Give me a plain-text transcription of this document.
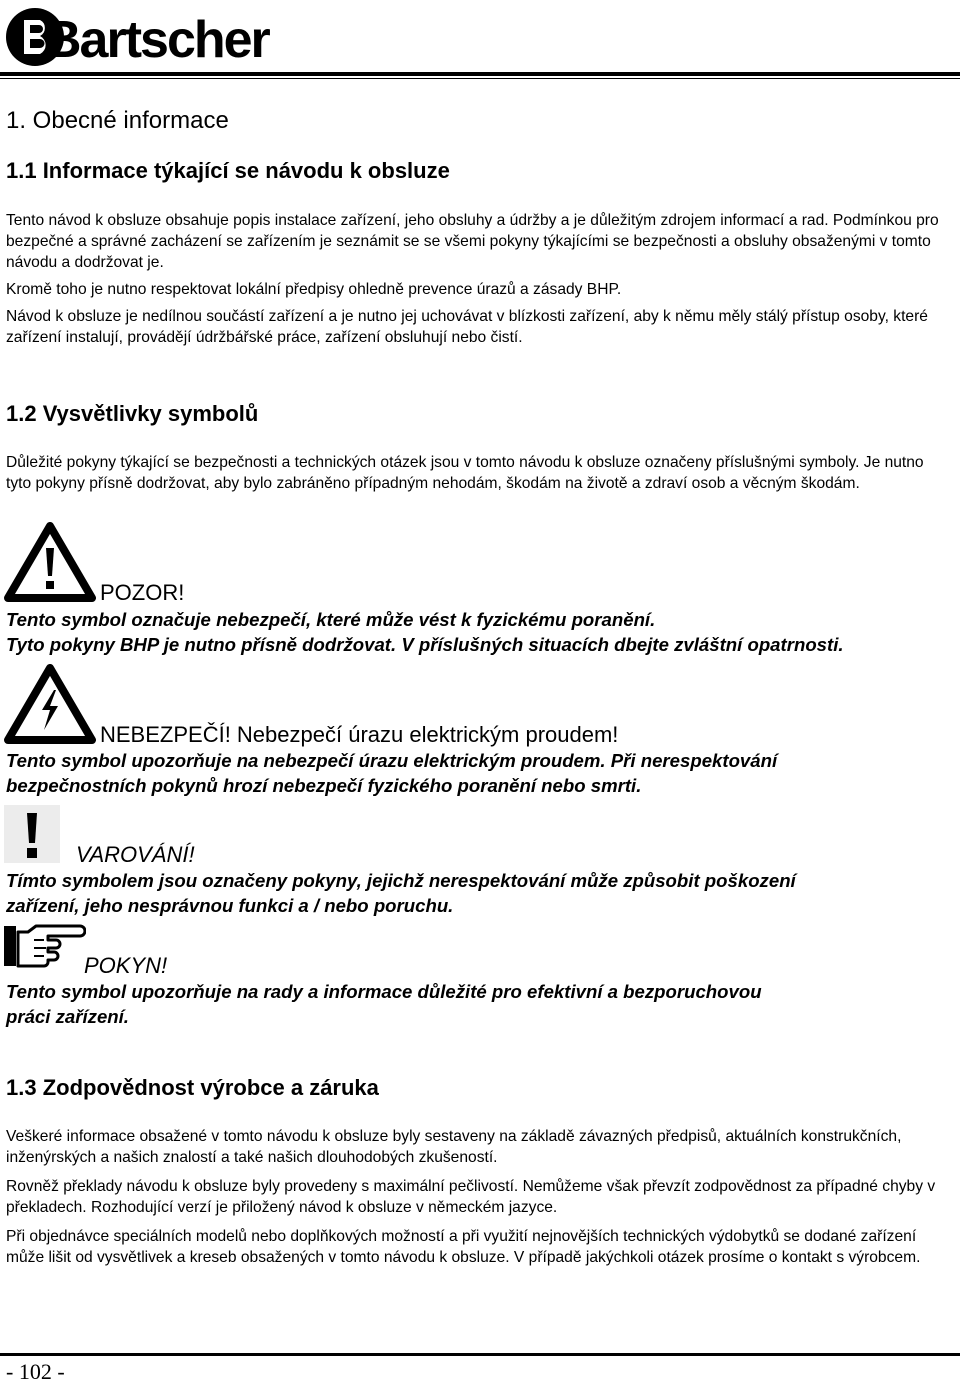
Bartscher
1. Obecné informace
1.1 Informace týkající se návodu k obsluze

Tento návod k obsluze obsahuje popis instalace zařízení, jeho obsluhy a údržby a je důležitým zdrojem informací a rad. Podmínkou pro bezpečné a správné zacházení se zařízením je seznámit se se všemi pokyny týkajícími se bezpečnosti a obsluhy obsaženými v tomto návodu a dodržovat je.

Kromě toho je nutno respektovat lokální předpisy ohledně prevence úrazů a zásady BHP.

Návod k obsluze je nedílnou součástí zařízení a je nutno jej uchovávat v blízkosti zařízení, aby k němu měly stálý přístup osoby, které zařízení instalují, provádějí údržbářské práce, zařízení obsluhují nebo čistí.

1.2 Vysvětlivky symbolů

Důležité pokyny týkající se bezpečnosti a technických otázek jsou v tomto návodu k obsluze označeny příslušnými symboly. Je nutno tyto pokyny přísně dodržovat, aby bylo zabráněno případným nehodám, škodám na životě a zdraví osob a věcným škodám.

POZOR!

Tento symbol označuje nebezpečí, které může vést k fyzickému poranění.

Tyto pokyny BHP je nutno přísně dodržovat. V příslušných situacích dbejte zvláštní opatrnosti.

NEBEZPEČÍ! Nebezpečí úrazu elektrickým proudem!

Tento symbol upozorňuje na nebezpečí úrazu elektrickým proudem. Při nerespektování

bezpečnostních pokynů hrozí nebezpečí fyzického poranění nebo smrti.

VAROVÁNÍ!

Tímto symbolem jsou označeny pokyny, jejichž nerespektování může způsobit poškození

zařízení, jeho nesprávnou funkci a / nebo poruchu.

POKYN!

Tento symbol upozorňuje na rady a informace důležité pro efektivní a bezporuchovou

práci zařízení.

1.3 Zodpovědnost výrobce a záruka

Veškeré informace obsažené v tomto návodu k obsluze byly sestaveny na základě závazných předpisů, aktuálních konstrukčních, inženýrských a našich znalostí a také našich dlouhodobých zkušeností.

Rovněž překlady návodu k obsluze byly provedeny s maximální pečlivostí. Nemůžeme však převzít zodpovědnost za případné chyby v překladech. Rozhodující verzí je přiložený návod k obsluze v německém jazyce.

Při objednávce speciálních modelů nebo doplňkových možností a při využití nejnovějších technických výdobytků se dodané zařízení může lišit od vysvětlivek a kreseb obsažených v tomto návodu k obsluze. V případě jakýchkoli otázek prosíme o kontakt s výrobcem.

- 102 -
